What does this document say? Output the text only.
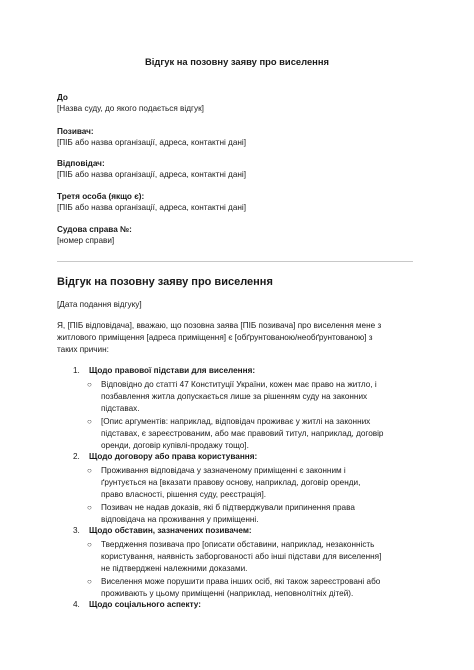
Відгук на позовну заяву про виселення
До
[Назва суду, до якого подається відгук]
Позивач:
[ПІБ або назва організації, адреса, контактні дані]
Відповідач:
[ПІБ або назва організації, адреса, контактні дані]
Третя особа (якщо є):
[ПІБ або назва організації, адреса, контактні дані]
Судова справа №:
[номер справи]
Відгук на позовну заяву про виселення
[Дата подання відгуку]
Я, [ПІБ відповідача], вважаю, що позовна заява [ПІБ позивача] про виселення мене з
житлового приміщення [адреса приміщення] є [обґрунтованою/необґрунтованою] з
таких причин:
1. Щодо правової підстави для виселення:
○ Відповідно до статті 47 Конституції України, кожен має право на житло, і
позбавлення житла допускається лише за рішенням суду на законних
підставах.
○ [Опис аргументів: наприклад, відповідач проживає у житлі на законних
підставах, є зареєстрованим, або має правовий титул, наприклад, договір
оренди, договір купівлі-продажу тощо].
2. Щодо договору або права користування:
○ Проживання відповідача у зазначеному приміщенні є законним і
ґрунтується на [вказати правову основу, наприклад, договір оренди,
право власності, рішення суду, реєстрація].
○ Позивач не надав доказів, які б підтверджували припинення права
відповідача на проживання у приміщенні.
3. Щодо обставин, зазначених позивачем:
○ Твердження позивача про [описати обставини, наприклад, незаконність
користування, наявність заборгованості або інші підстави для виселення]
не підтверджені належними доказами.
○ Виселення може порушити права інших осіб, які також зареєстровані або
проживають у цьому приміщенні (наприклад, неповнолітніх дітей).
4. Щодо соціального аспекту:
